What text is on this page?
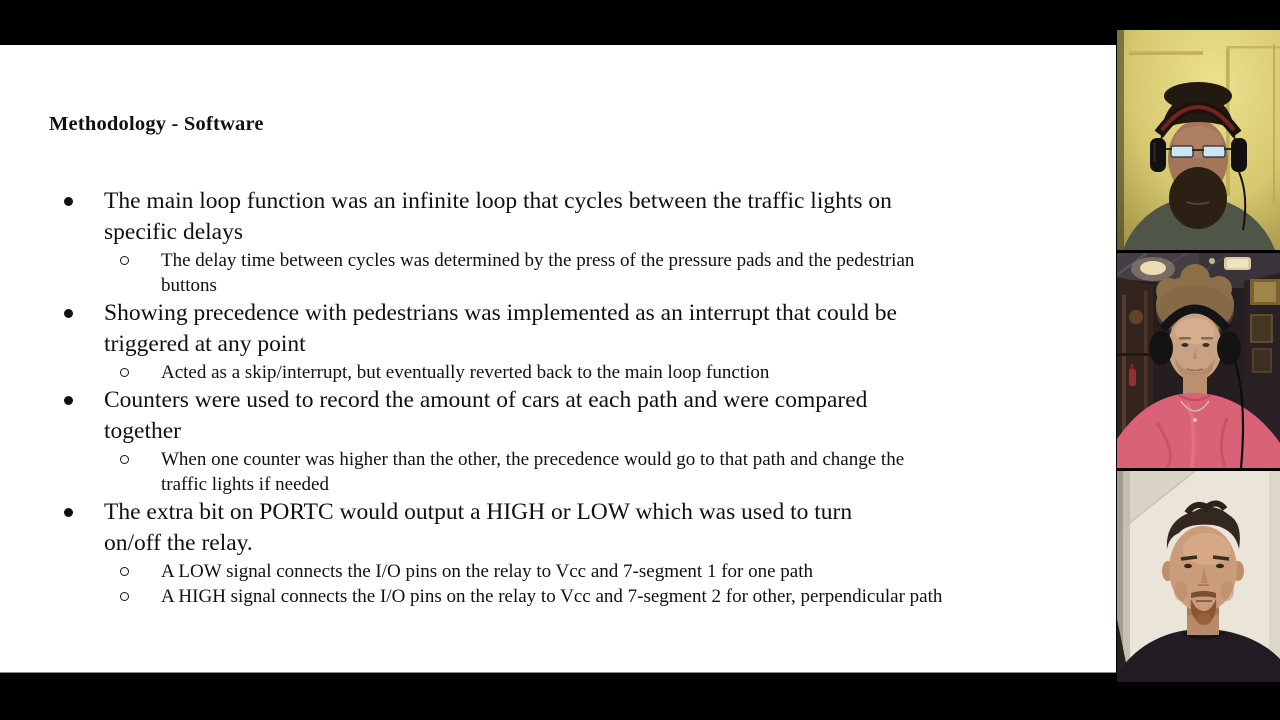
Methodology - Software
The main loop function was an infinite loop that cycles between the traffic lights on
specific delays
The delay time between cycles was determined by the press of the pressure pads and the pedestrian
buttons
Showing precedence with pedestrians was implemented as an interrupt that could be
triggered at any point
Acted as a skip/interrupt, but eventually reverted back to the main loop function
Counters were used to record the amount of cars at each path and were compared
together
When one counter was higher than the other, the precedence would go to that path and change the
traffic lights if needed
The extra bit on PORTC would output a HIGH or LOW which was used to turn
on/off the relay.
A LOW signal connects the I/O pins on the relay to Vcc and 7-segment 1 for one path
A HIGH signal connects the I/O pins on the relay to Vcc and 7-segment 2 for other, perpendicular path
